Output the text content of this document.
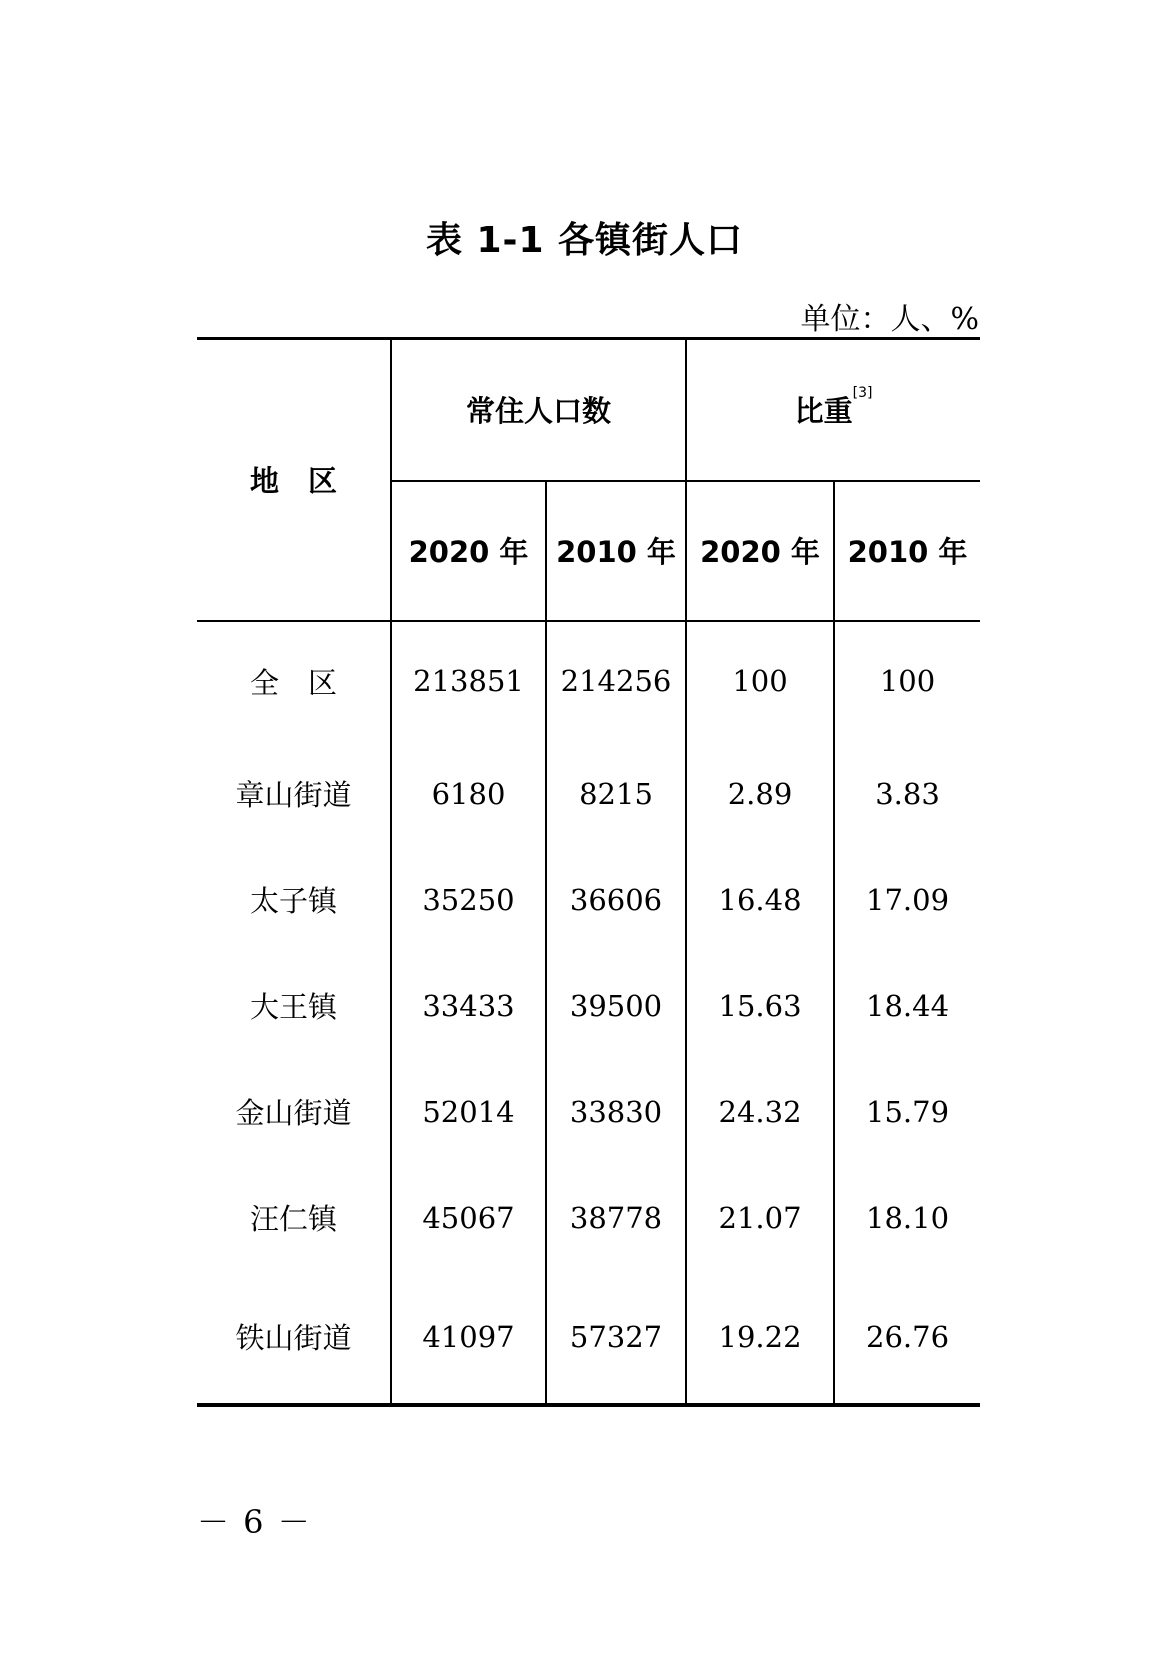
表 1-1 各镇街人口
单位：人、%
地　区	常住人口数		比重[3]
	2020 年	2010 年	2020 年	2010 年
全　区	213851	214256	100	100
章山街道	6180	8215	2.89	3.83
太子镇	35250	36606	16.48	17.09
大王镇	33433	39500	15.63	18.44
金山街道	52014	33830	24.32	15.79
汪仁镇	45067	38778	21.07	18.10
铁山街道	41097	57327	19.22	26.76
－ 6 －
